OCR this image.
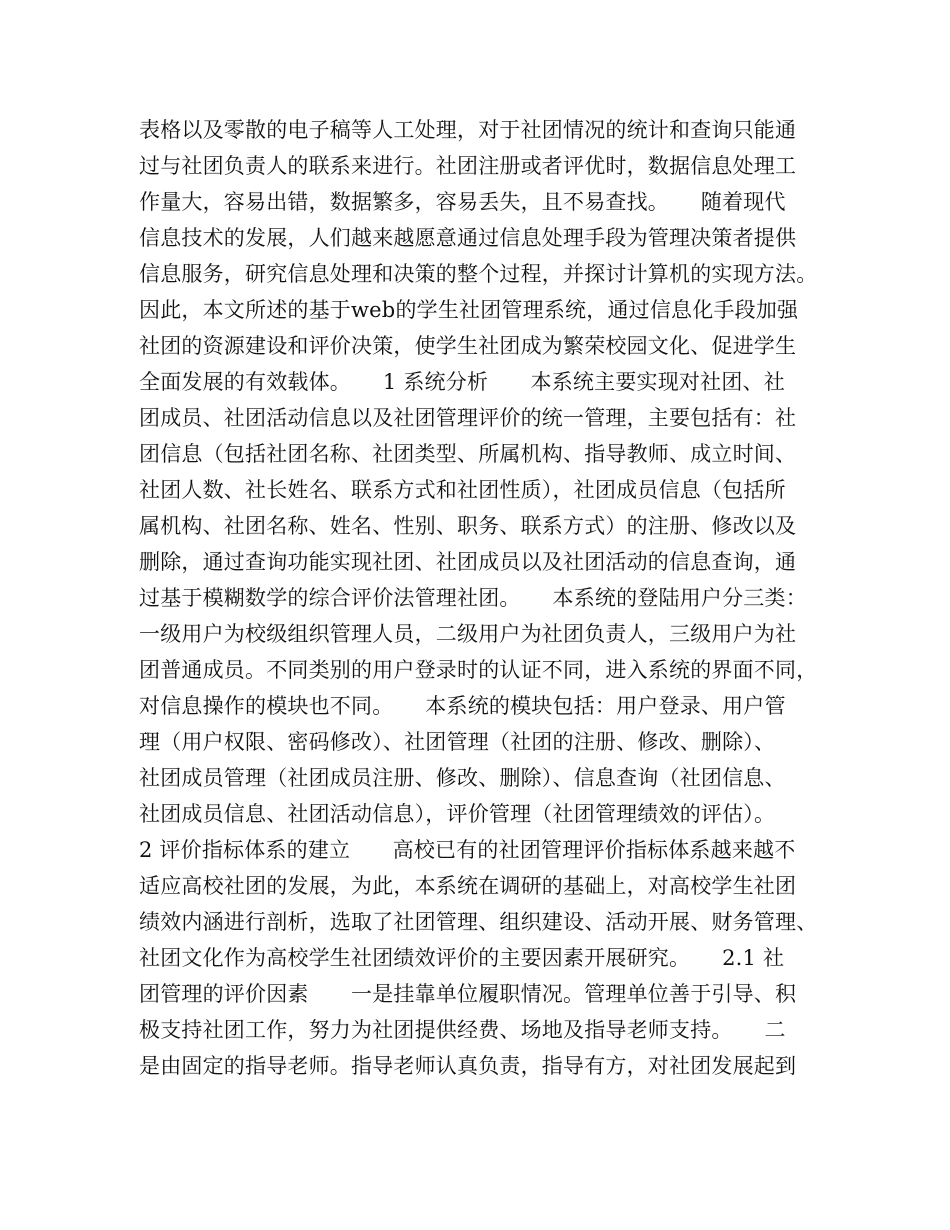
表格以及零散的电子稿等人工处理，对于社团情况的统计和查询只能通
过与社团负责人的联系来进行。社团注册或者评优时，数据信息处理工
作量大，容易出错，数据繁多，容易丢失，且不易查找。　　随着现代
信息技术的发展，人们越来越愿意通过信息处理手段为管理决策者提供
信息服务，研究信息处理和决策的整个过程，并探讨计算机的实现方法。
因此，本文所述的基于web的学生社团管理系统，通过信息化手段加强
社团的资源建设和评价决策，使学生社团成为繁荣校园文化、促进学生
全面发展的有效载体。　　1 系统分析　　本系统主要实现对社团、社
团成员、社团活动信息以及社团管理评价的统一管理，主要包括有：社
团信息（包括社团名称、社团类型、所属机构、指导教师、成立时间、
社团人数、社长姓名、联系方式和社团性质），社团成员信息（包括所
属机构、社团名称、姓名、性别、职务、联系方式）的注册、修改以及
删除，通过查询功能实现社团、社团成员以及社团活动的信息查询，通
过基于模糊数学的综合评价法管理社团。　　本系统的登陆用户分三类：
一级用户为校级组织管理人员，二级用户为社团负责人，三级用户为社
团普通成员。不同类别的用户登录时的认证不同，进入系统的界面不同，
对信息操作的模块也不同。　　本系统的模块包括：用户登录、用户管
理（用户权限、密码修改）、社团管理（社团的注册、修改、删除）、
社团成员管理（社团成员注册、修改、删除）、信息查询（社团信息、
社团成员信息、社团活动信息），评价管理（社团管理绩效的评估）。
2 评价指标体系的建立　　高校已有的社团管理评价指标体系越来越不
适应高校社团的发展，为此，本系统在调研的基础上，对高校学生社团
绩效内涵进行剖析，选取了社团管理、组织建设、活动开展、财务管理、
社团文化作为高校学生社团绩效评价的主要因素开展研究。　　2.1 社
团管理的评价因素　　一是挂靠单位履职情况。管理单位善于引导、积
极支持社团工作，努力为社团提供经费、场地及指导老师支持。　　二
是由固定的指导老师。指导老师认真负责，指导有方，对社团发展起到
